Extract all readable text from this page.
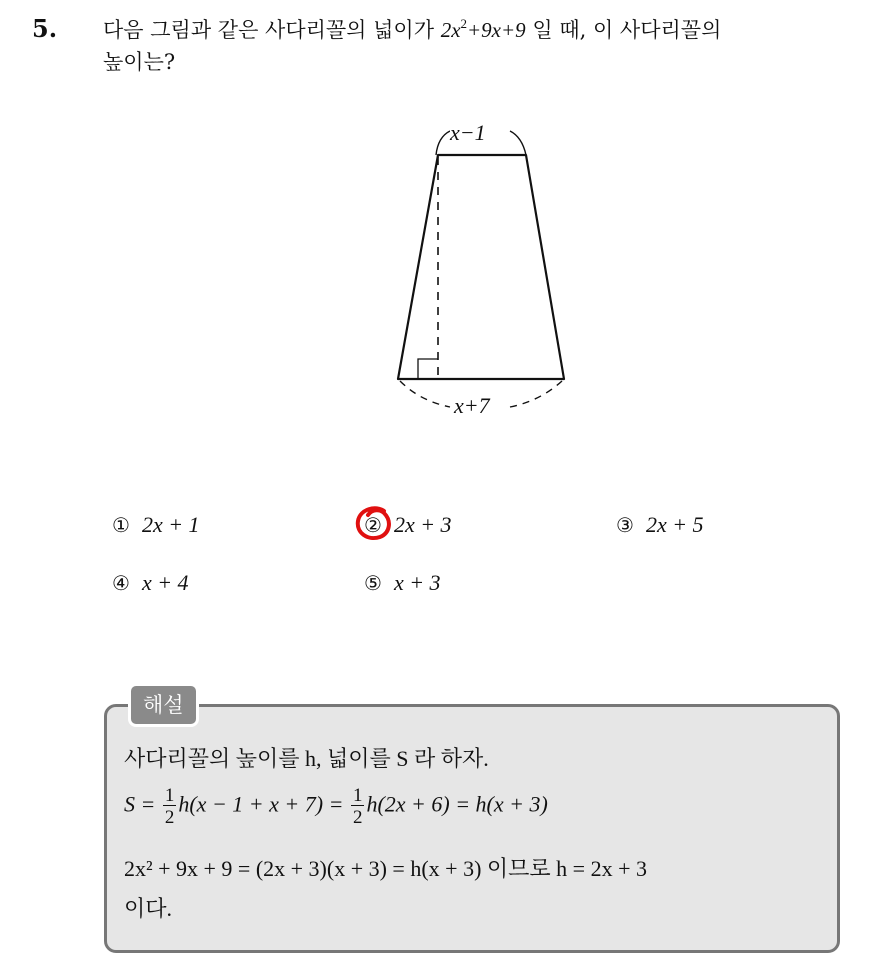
5. 다음 그림과 같은 사다리꼴의 넓이가 $2x^2+9x+9$ 일 때, 이 사다리꼴의
높이는?
x−1
x+7
① 2x + 1	② 2x + 3	③ 2x + 5
④ x + 4	⑤ x + 3
해설
사다리꼴의 높이를 h, 넓이를 S 라 하자.
$S = \frac{1}{2} h(x - 1 + x + 7) = \frac{1}{2} h(2x + 6) = h(x + 3)$
2x² + 9x + 9 = (2x + 3)(x + 3) = h(x + 3) 이므로 h = 2x + 3
이다.
